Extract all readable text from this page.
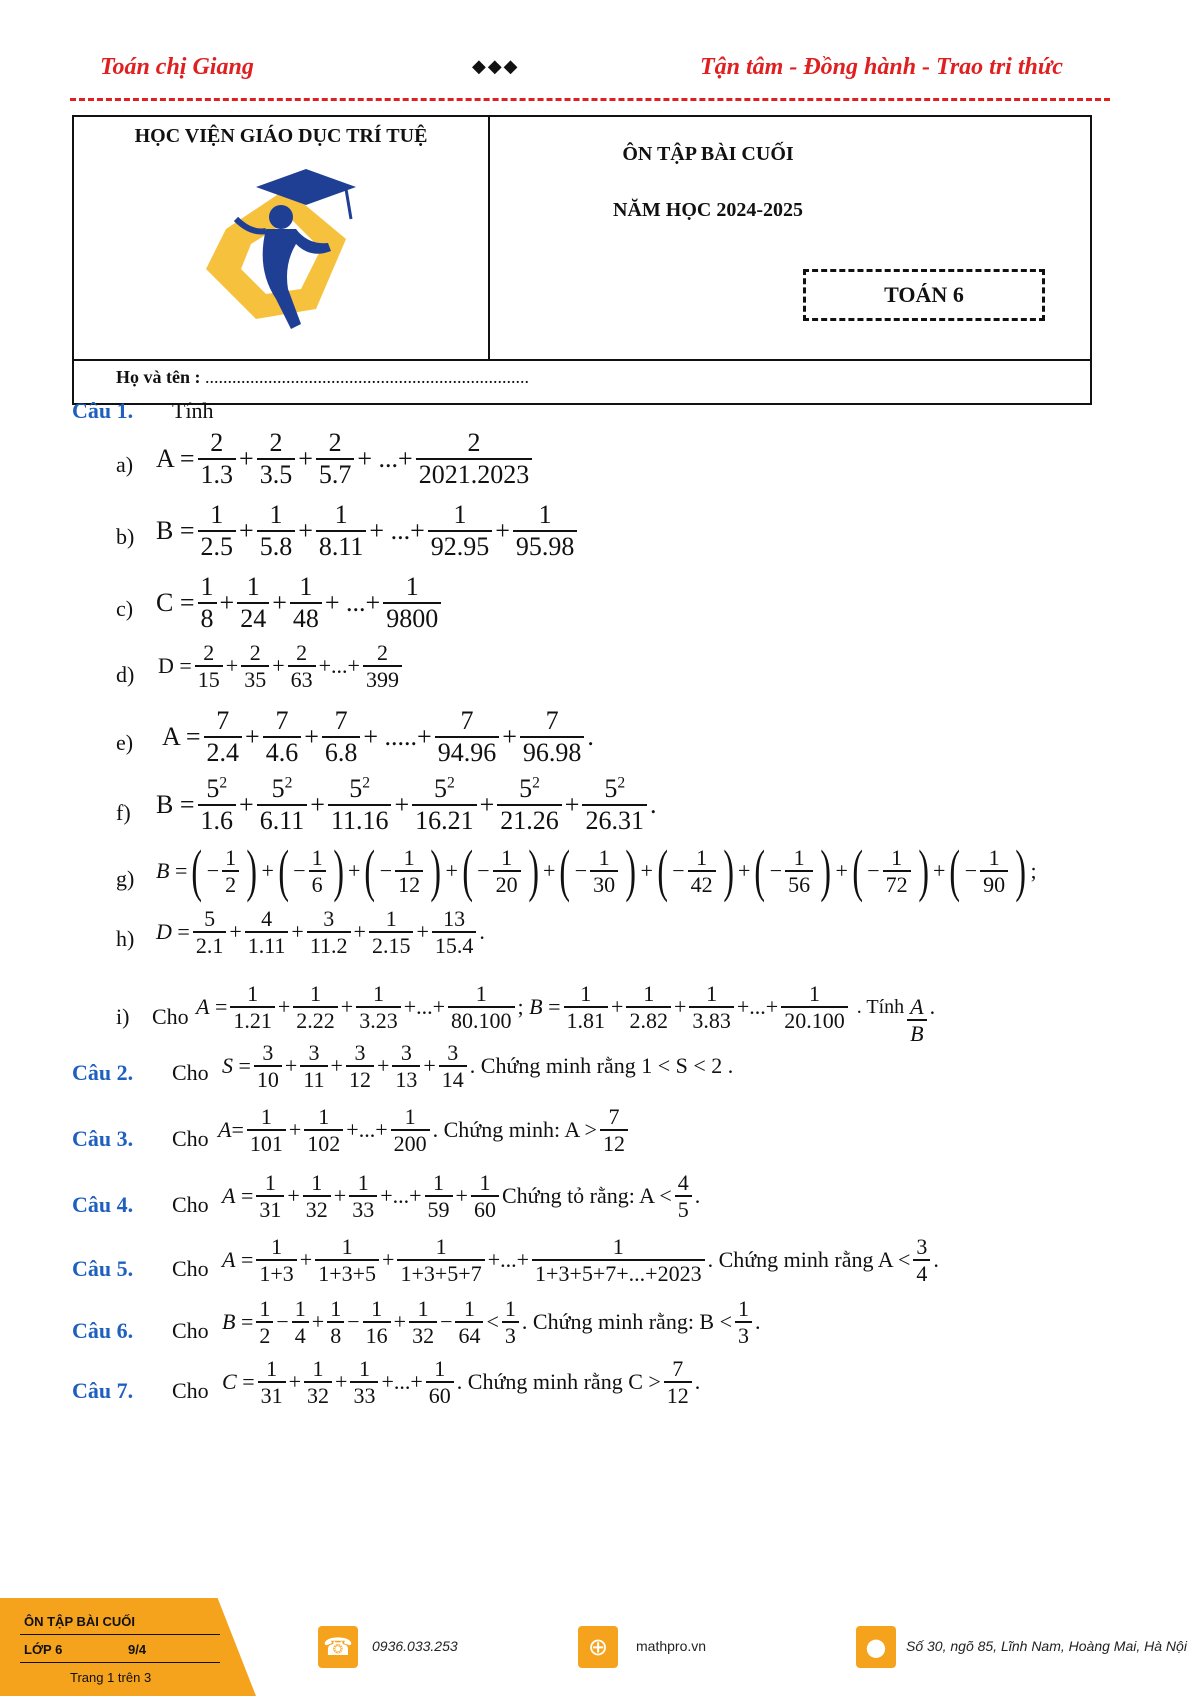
Toán chị Giang	◆◆◆	Tận tâm - Đồng hành - Trao tri thức
HỌC VIỆN GIÁO DỤC TRÍ TUỆ
ÔN TẬP BÀI CUỐI
NĂM HỌC 2024-2025
TOÁN 6
Họ và tên : ........................................................................
Câu 1. Tính
a) $A = \frac{2}{1.3} + \frac{2}{3.5} + \frac{2}{5.7}$ + ...+ $\frac{2}{2021.2023}$
b) $B = \frac{1}{2.5} + \frac{1}{5.8} + \frac{1}{8.11}$ + ...+ $\frac{1}{92.95} + \frac{1}{95.98}$
c) $C = \frac{1}{8} + \frac{1}{24} + \frac{1}{48}$ + ...+ $\frac{1}{9800}$
d) $D = \frac{2}{15} + \frac{2}{35} + \frac{2}{63}$ +...+ $\frac{2}{399}$
e) $A = \frac{7}{2.4} + \frac{7}{4.6} + \frac{7}{6.8}$ + .....+ $\frac{7}{94.96} + \frac{7}{96.98}$ .
f) $B = \frac{5^2}{1.6} + \frac{5^2}{6.11} + \frac{5^2}{11.16} + \frac{5^2}{16.21} + \frac{5^2}{21.26} + \frac{5^2}{26.31}$ .
g) B = ( − $\frac{1}{2}$ ) + ( − $\frac{1}{6}$ ) + ( − $\frac{1}{12}$ ) + ( − $\frac{1}{20}$ ) + ( − $\frac{1}{30}$ ) + ( − $\frac{1}{42}$ ) + ( − $\frac{1}{56}$ ) + ( − $\frac{1}{72}$ ) + ( − $\frac{1}{90}$ ) ;
h) $D = \frac{5}{2.1} + \frac{4}{1.11} + \frac{3}{11.2} + \frac{1}{2.15} + \frac{13}{15.4}$ .
i) Cho $A = \frac{1}{1.21} + \frac{1}{2.22} + \frac{1}{3.23}$ +...+ $\frac{1}{80.100}$ ; $B = \frac{1}{1.81} + \frac{1}{2.82} + \frac{1}{3.83}$ +...+ $\frac{1}{20.100}$ . Tính $\frac{A}{B}$ .
Câu 2. Cho $S = \frac{3}{10} + \frac{3}{11} + \frac{3}{12} + \frac{3}{13} + \frac{3}{14}$ . Chứng minh rằng 1 < S < 2 .
Câu 3. Cho $A = \frac{1}{101} + \frac{1}{102}$ +...+ $\frac{1}{200}$ . Chứng minh: $A > \frac{7}{12}$
Câu 4. Cho $A = \frac{1}{31} + \frac{1}{32} + \frac{1}{33}$ +...+ $\frac{1}{59} + \frac{1}{60}$ Chứng tỏ rằng: $A < \frac{4}{5}$ .
Câu 5. Cho $A = \frac{1}{1+3} + \frac{1}{1+3+5} + \frac{1}{1+3+5+7}$ +...+ $\frac{1}{1+3+5+7+...+2023}$ . Chứng minh rằng $A < \frac{3}{4}$ .
Câu 6. Cho $B = \frac{1}{2} - \frac{1}{4} + \frac{1}{8} - \frac{1}{16} + \frac{1}{32} - \frac{1}{64} < \frac{1}{3}$ . Chứng minh rằng: $B < \frac{1}{3}$ .
Câu 7. Cho $C = \frac{1}{31} + \frac{1}{32} + \frac{1}{33}$ +...+ $\frac{1}{60}$ . Chứng minh rằng $C > \frac{7}{12}$ .
ÔN TẬP BÀI CUỐI
LỚP 6	9/4
Trang 1 trên 3
☎	0936.033.253	⊕	mathpro.vn	●	Số 30, ngõ 85, Lĩnh Nam, Hoàng Mai, Hà Nội
